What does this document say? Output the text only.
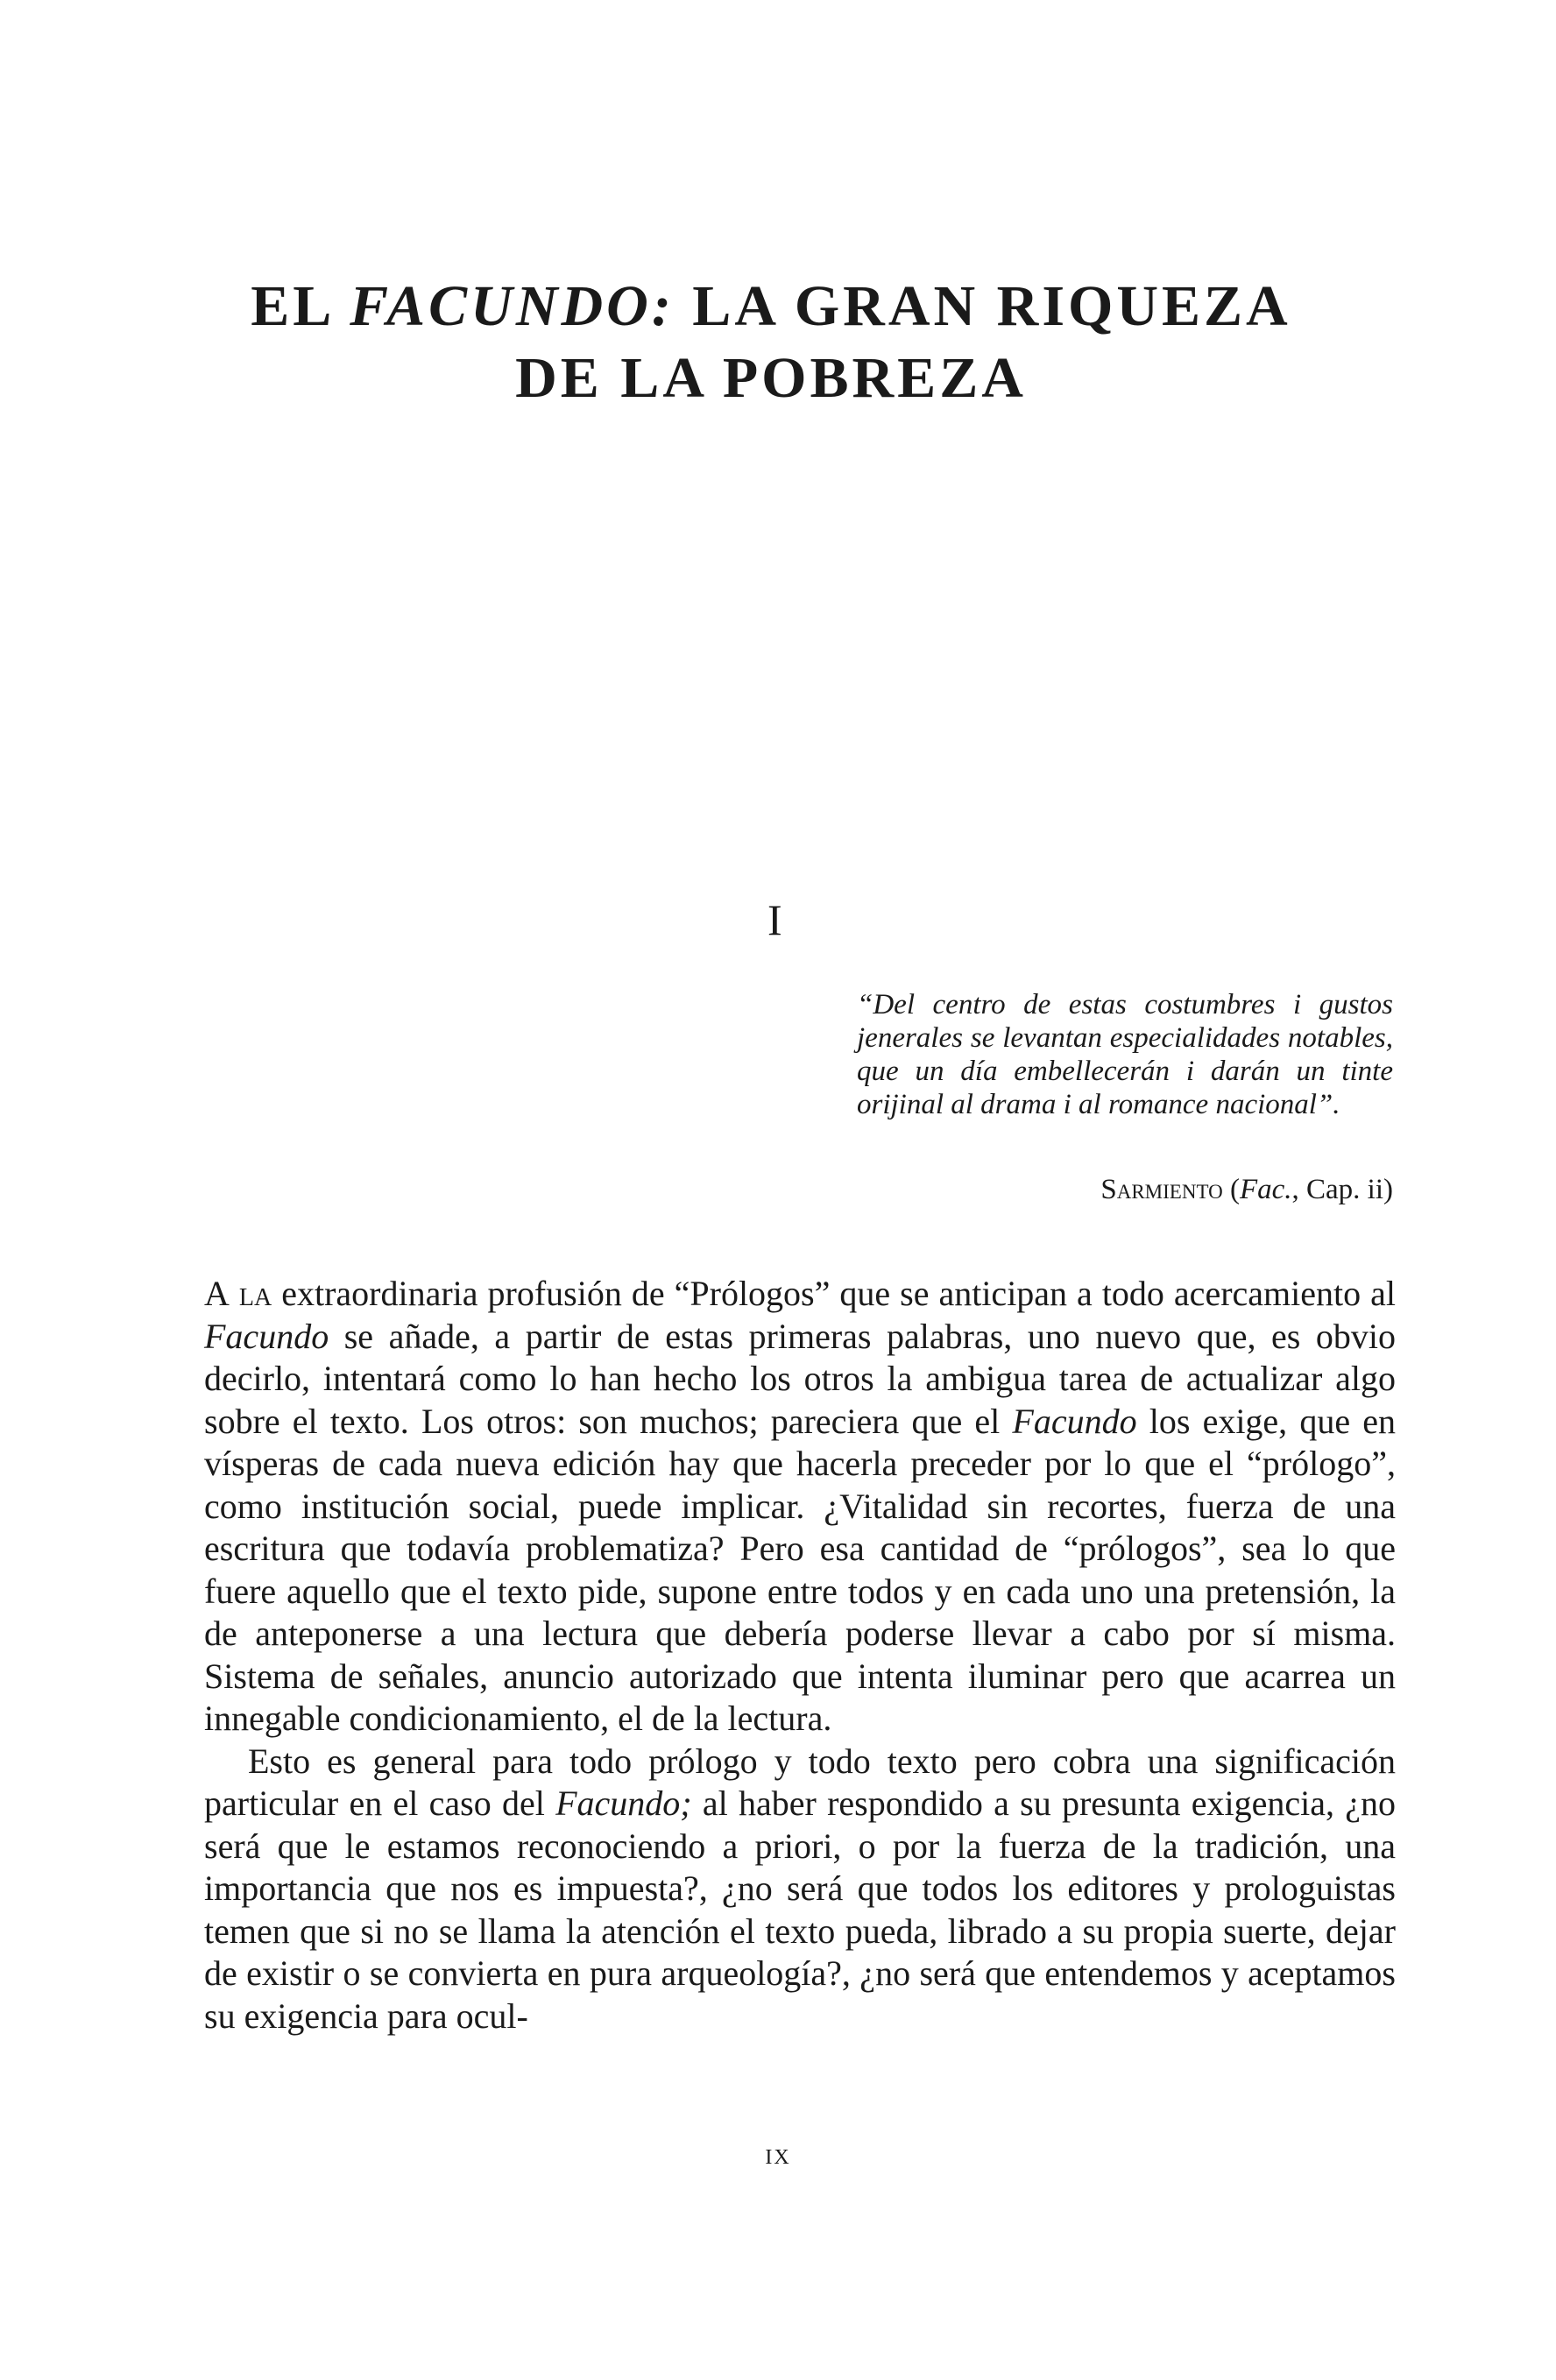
EL FACUNDO: LA GRAN RIQUEZA
DE LA POBREZA
I
“Del centro de estas costumbres i gustos jenerales se levantan especialidades notables, que un día embellecerán i darán un tinte orijinal al drama i al romance nacional”.
Sarmiento (Fac., Cap. ii)

A la extraordinaria profusión de “Prólogos” que se anticipan a todo acercamiento al Facundo se añade, a partir de estas primeras palabras, uno nuevo que, es obvio decirlo, intentará como lo han hecho los otros la ambigua tarea de actualizar algo sobre el texto. Los otros: son muchos; pareciera que el Facundo los exige, que en vísperas de cada nueva edición hay que hacerla preceder por lo que el “prólogo”, como institución social, puede implicar. ¿Vitalidad sin recortes, fuerza de una escritura que todavía problematiza? Pero esa cantidad de “prólogos”, sea lo que fuere aquello que el texto pide, supone entre todos y en cada uno una pretensión, la de anteponerse a una lectura que debería poderse llevar a cabo por sí misma. Sistema de señales, anuncio autorizado que intenta iluminar pero que acarrea un innegable condicionamiento, el de la lectura.

Esto es general para todo prólogo y todo texto pero cobra una significación particular en el caso del Facundo; al haber respondido a su presunta exigencia, ¿no será que le estamos reconociendo a priori, o por la fuerza de la tradición, una importancia que nos es impuesta?, ¿no será que todos los editores y prologuistas temen que si no se llama la atención el texto pueda, librado a su propia suerte, dejar de existir o se convierta en pura arqueología?, ¿no será que entendemos y aceptamos su exigencia para ocul-

ix
